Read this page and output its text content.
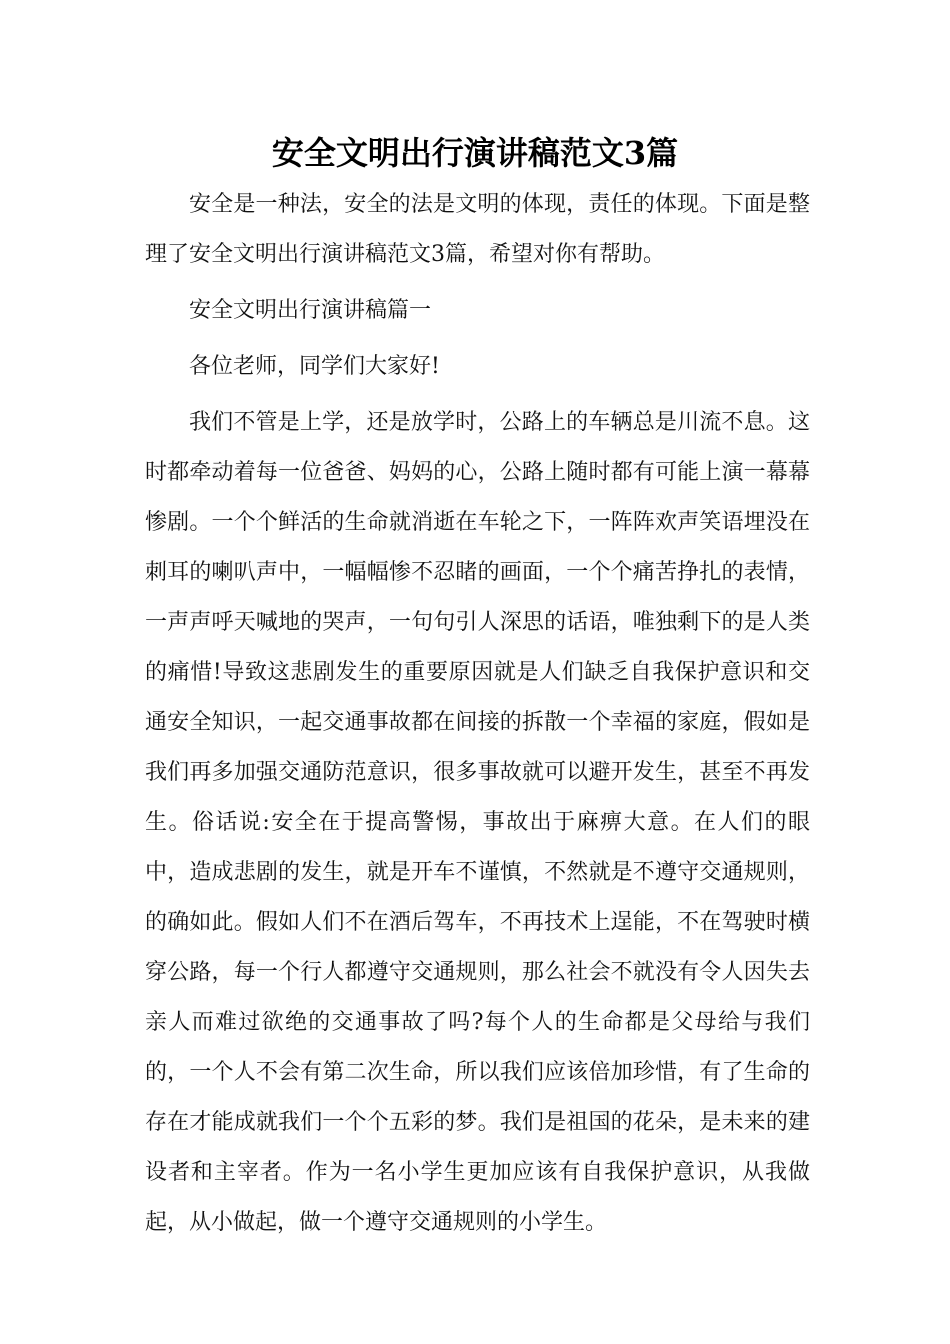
安全文明出行演讲稿范文3篇

安全是一种法，安全的法是文明的体现，责任的体现。下面是整理了安全文明出行演讲稿范文3篇，希望对你有帮助。

安全文明出行演讲稿篇一

各位老师，同学们大家好!

我们不管是上学，还是放学时，公路上的车辆总是川流不息。这时都牵动着每一位爸爸、妈妈的心，公路上随时都有可能上演一幕幕惨剧。一个个鲜活的生命就消逝在车轮之下，一阵阵欢声笑语埋没在刺耳的喇叭声中，一幅幅惨不忍睹的画面，一个个痛苦挣扎的表情，一声声呼天喊地的哭声，一句句引人深思的话语，唯独剩下的是人类的痛惜!导致这悲剧发生的重要原因就是人们缺乏自我保护意识和交通安全知识，一起交通事故都在间接的拆散一个幸福的家庭，假如是我们再多加强交通防范意识，很多事故就可以避开发生，甚至不再发生。俗话说:安全在于提高警惕，事故出于麻痹大意。在人们的眼中，造成悲剧的发生，就是开车不谨慎，不然就是不遵守交通规则，的确如此。假如人们不在酒后驾车，不再技术上逞能，不在驾驶时横穿公路，每一个行人都遵守交通规则，那么社会不就没有令人因失去亲人而难过欲绝的交通事故了吗?每个人的生命都是父母给与我们的，一个人不会有第二次生命，所以我们应该倍加珍惜，有了生命的存在才能成就我们一个个五彩的梦。我们是祖国的花朵，是未来的建设者和主宰者。作为一名小学生更加应该有自我保护意识，从我做起，从小做起，做一个遵守交通规则的小学生。
